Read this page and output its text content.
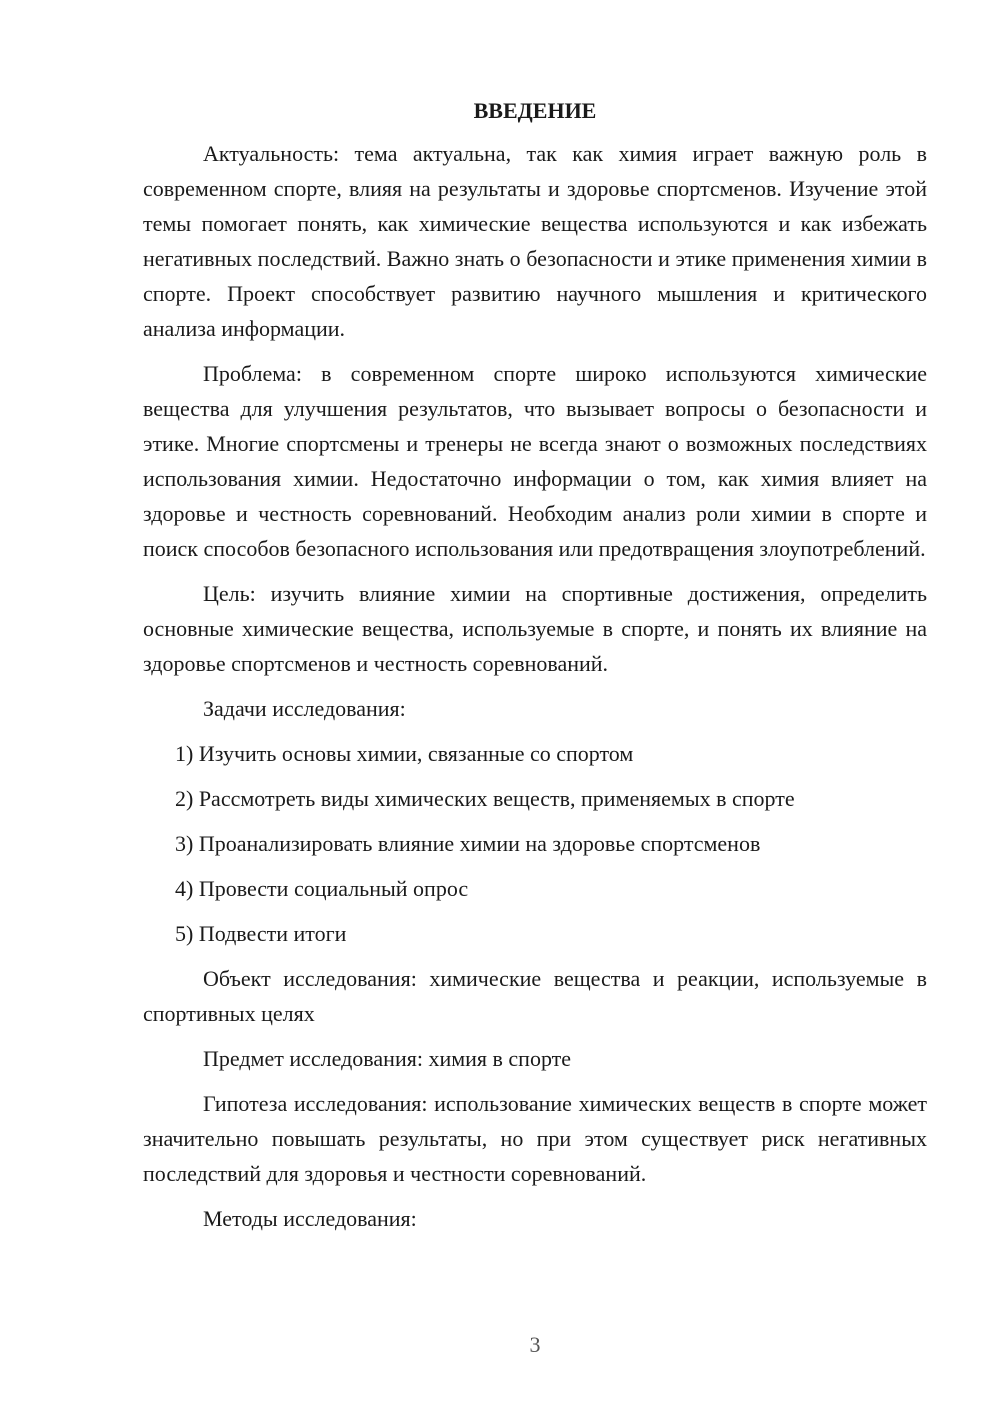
ВВЕДЕНИЕ

Актуальность: тема актуальна, так как химия играет важную роль в современном спорте, влияя на результаты и здоровье спортсменов. Изучение этой темы помогает понять, как химические вещества используются и как избежать негативных последствий. Важно знать о безопасности и этике применения химии в спорте. Проект способствует развитию научного мышления и критического анализа информации.

Проблема: в современном спорте широко используются химические вещества для улучшения результатов, что вызывает вопросы о безопасности и этике. Многие спортсмены и тренеры не всегда знают о возможных последствиях использования химии. Недостаточно информации о том, как химия влияет на здоровье и честность соревнований. Необходим анализ роли химии в спорте и поиск способов безопасного использования или предотвращения злоупотреблений.

Цель: изучить влияние химии на спортивные достижения, определить основные химические вещества, используемые в спорте, и понять их влияние на здоровье спортсменов и честность соревнований.

Задачи исследования:

1) Изучить основы химии, связанные со спортом
2) Рассмотреть виды химических веществ, применяемых в спорте
3) Проанализировать влияние химии на здоровье спортсменов
4) Провести социальный опрос
5) Подвести итоги

Объект исследования: химические вещества и реакции, используемые в спортивных целях

Предмет исследования: химия в спорте

Гипотеза исследования: использование химических веществ в спорте может значительно повышать результаты, но при этом существует риск негативных последствий для здоровья и честности соревнований.

Методы исследования:

3
